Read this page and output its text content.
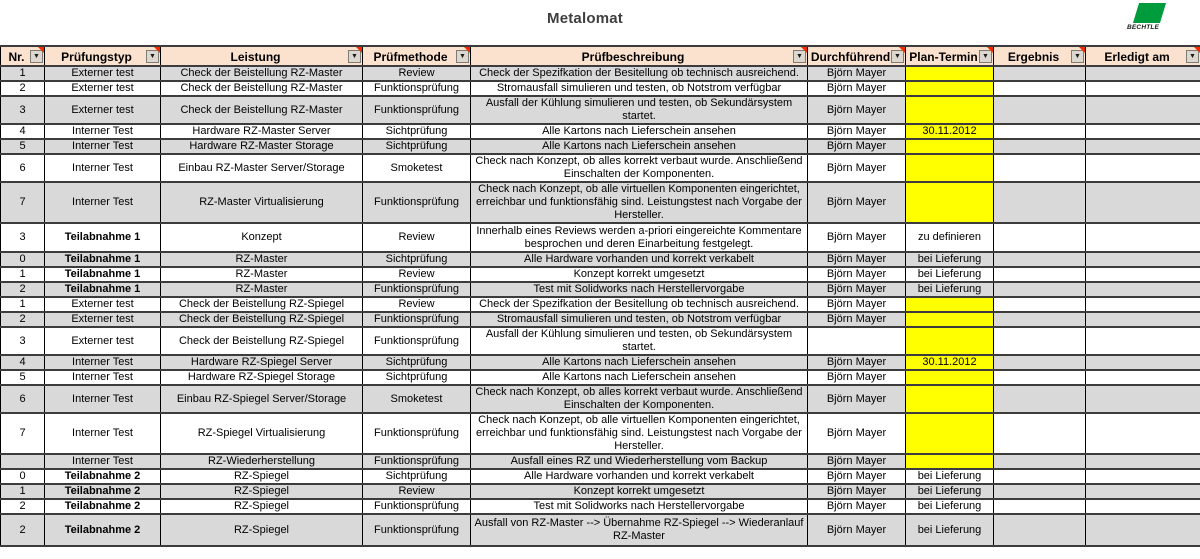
Metalomat
BECHTLE
Nr. ▼	Prüfungstyp ▼	Leistung ▼	Prüfmethode ▼	Prüfbeschreibung ▼	Durchführend ▼	Plan-Termin ▼	Ergebnis ▼	Erledigt am ▼

1	Externer test	Check der Beistellung RZ-Master	Review	Check der Spezifkation der Besitellung ob technisch ausreichend.	Björn Mayer			
2	Externer test	Check der Beistellung RZ-Master	Funktionsprüfung	Stromausfall simulieren und testen, ob Notstrom verfügbar	Björn Mayer			
3	Externer test	Check der Beistellung RZ-Master	Funktionsprüfung	Ausfall der Kühlung simulieren und testen, ob Sekundärsystem startet.	Björn Mayer			
4	Interner Test	Hardware RZ-Master Server	Sichtprüfung	Alle Kartons nach Lieferschein ansehen	Björn Mayer	30.11.2012		
5	Interner Test	Hardware RZ-Master Storage	Sichtprüfung	Alle Kartons nach Lieferschein ansehen	Björn Mayer			
6	Interner Test	Einbau RZ-Master Server/Storage	Smoketest	Check nach Konzept, ob alles korrekt verbaut wurde. Anschließend Einschalten der Komponenten.	Björn Mayer			
7	Interner Test	RZ-Master Virtualisierung	Funktionsprüfung	Check nach Konzept, ob alle virtuellen Komponenten eingerichtet, erreichbar und funktionsfähig sind. Leistungstest nach Vorgabe der Hersteller.	Björn Mayer			
3	Teilabnahme 1	Konzept	Review	Innerhalb eines Reviews werden a-priori eingereichte Kommentare besprochen und deren Einarbeitung festgelegt.	Björn Mayer	zu definieren		
0	Teilabnahme 1	RZ-Master	Sichtprüfung	Alle Hardware vorhanden und korrekt verkabelt	Björn Mayer	bei Lieferung		
1	Teilabnahme 1	RZ-Master	Review	Konzept korrekt umgesetzt	Björn Mayer	bei Lieferung		
2	Teilabnahme 1	RZ-Master	Funktionsprüfung	Test mit Solidworks nach Herstellervorgabe	Björn Mayer	bei Lieferung		
1	Externer test	Check der Beistellung RZ-Spiegel	Review	Check der Spezifkation der Besitellung ob technisch ausreichend.	Björn Mayer			
2	Externer test	Check der Beistellung RZ-Spiegel	Funktionsprüfung	Stromausfall simulieren und testen, ob Notstrom verfügbar	Björn Mayer			
3	Externer test	Check der Beistellung RZ-Spiegel	Funktionsprüfung	Ausfall der Kühlung simulieren und testen, ob Sekundärsystem startet.				
4	Interner Test	Hardware RZ-Spiegel Server	Sichtprüfung	Alle Kartons nach Lieferschein ansehen	Björn Mayer	30.11.2012		
5	Interner Test	Hardware RZ-Spiegel Storage	Sichtprüfung	Alle Kartons nach Lieferschein ansehen	Björn Mayer			
6	Interner Test	Einbau RZ-Spiegel Server/Storage	Smoketest	Check nach Konzept, ob alles korrekt verbaut wurde. Anschließend Einschalten der Komponenten.	Björn Mayer			
7	Interner Test	RZ-Spiegel Virtualisierung	Funktionsprüfung	Check nach Konzept, ob alle virtuellen Komponenten eingerichtet, erreichbar und funktionsfähig sind. Leistungstest nach Vorgabe der Hersteller.	Björn Mayer			
	Interner Test	RZ-Wiederherstellung	Funktionsprüfung	Ausfall eines RZ und Wiederherstellung vom Backup	Björn Mayer			
0	Teilabnahme 2	RZ-Spiegel	Sichtprüfung	Alle Hardware vorhanden und korrekt verkabelt	Björn Mayer	bei Lieferung		
1	Teilabnahme 2	RZ-Spiegel	Review	Konzept korrekt umgesetzt	Björn Mayer	bei Lieferung		
2	Teilabnahme 2	RZ-Spiegel	Funktionsprüfung	Test mit Solidworks nach Herstellervorgabe	Björn Mayer	bei Lieferung		
2	Teilabnahme 2	RZ-Spiegel	Funktionsprüfung	Ausfall von RZ-Master --> Übernahme RZ-Spiegel --> Wiederanlauf RZ-Master	Björn Mayer	bei Lieferung		
